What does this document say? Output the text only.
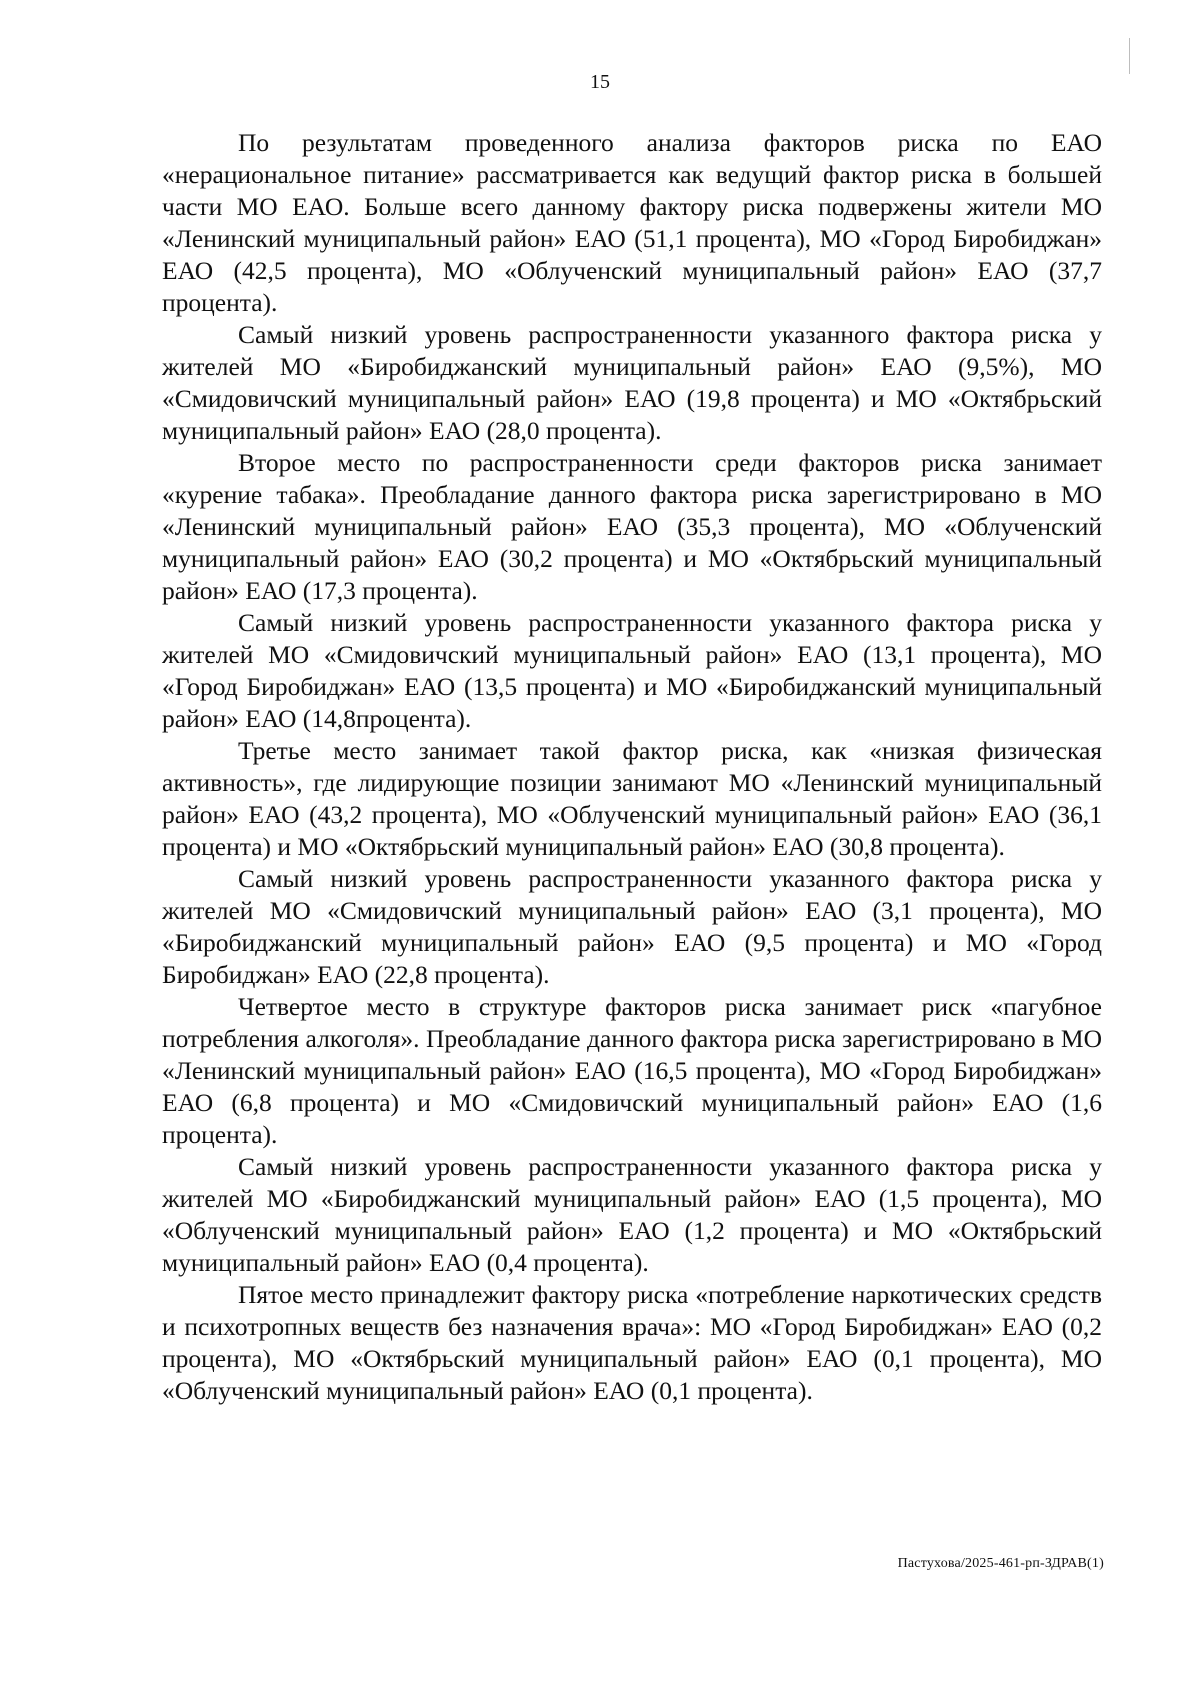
15

По результатам проведенного анализа факторов риска по ЕАО «нерациональное питание» рассматривается как ведущий фактор риска в большей части МО ЕАО. Больше всего данному фактору риска подвержены жители МО «Ленинский муниципальный район» ЕАО (51,1 процента), МО «Город Биробиджан» ЕАО (42,5 процента), МО «Облученский муниципальный район» ЕАО (37,7 процента).

Самый низкий уровень распространенности указанного фактора риска у жителей МО «Биробиджанский муниципальный район» ЕАО (9,5%), МО «Смидовичский муниципальный район» ЕАО (19,8 процента) и МО «Октябрьский муниципальный район» ЕАО (28,0 процента).

Второе место по распространенности среди факторов риска занимает «курение табака». Преобладание данного фактора риска зарегистрировано в МО «Ленинский муниципальный район» ЕАО (35,3 процента), МО «Облученский муниципальный район» ЕАО (30,2 процента) и МО «Октябрьский муниципальный район» ЕАО (17,3 процента).

Самый низкий уровень распространенности указанного фактора риска у жителей МО «Смидовичский муниципальный район» ЕАО (13,1 процента), МО «Город Биробиджан» ЕАО (13,5 процента) и МО «Биробиджанский муниципальный район» ЕАО (14,8процента).

Третье место занимает такой фактор риска, как «низкая физическая активность», где лидирующие позиции занимают МО «Ленинский муниципальный район» ЕАО (43,2 процента), МО «Облученский муниципальный район» ЕАО (36,1 процента) и МО «Октябрьский муниципальный район» ЕАО (30,8 процента).

Самый низкий уровень распространенности указанного фактора риска у жителей МО «Смидовичский муниципальный район» ЕАО (3,1 процента), МО «Биробиджанский муниципальный район» ЕАО (9,5 процента) и МО «Город Биробиджан» ЕАО (22,8 процента).

Четвертое место в структуре факторов риска занимает риск «пагубное потребления алкоголя». Преобладание данного фактора риска зарегистрировано в МО «Ленинский муниципальный район» ЕАО (16,5 процента), МО «Город Биробиджан» ЕАО (6,8 процента) и МО «Смидовичский муниципальный район» ЕАО (1,6 процента).

Самый низкий уровень распространенности указанного фактора риска у жителей МО «Биробиджанский муниципальный район» ЕАО (1,5 процента), МО «Облученский муниципальный район» ЕАО (1,2 процента) и МО «Октябрьский муниципальный район» ЕАО (0,4 процента).

Пятое место принадлежит фактору риска «потребление наркотических средств и психотропных веществ без назначения врача»: МО «Город Биробиджан» ЕАО (0,2 процента), МО «Октябрьский муниципальный район» ЕАО (0,1 процента), МО «Облученский муниципальный район» ЕАО (0,1 процента).

Пастухова/2025-461-рп-ЗДРАВ(1)
